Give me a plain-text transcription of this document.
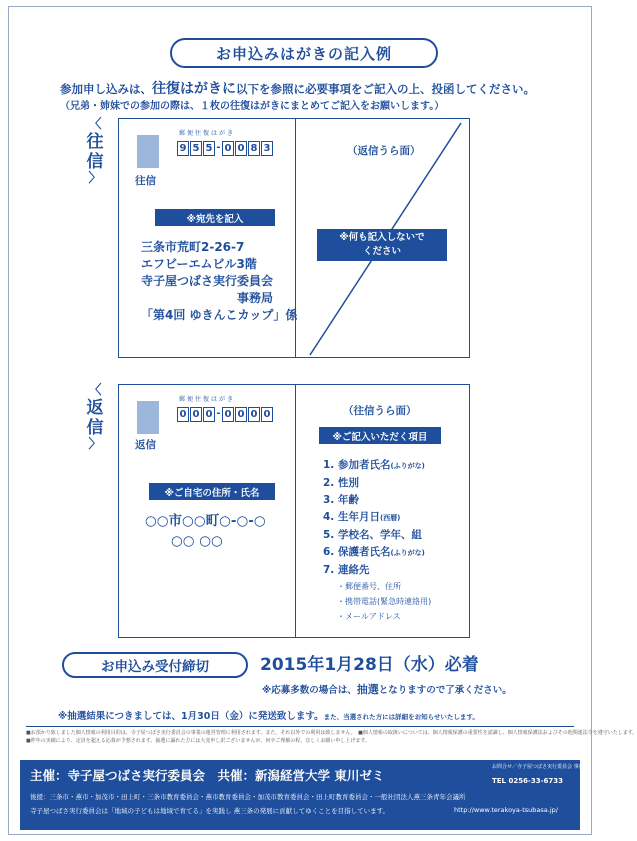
お申込みはがきの記入例
参加申し込みは、往復はがきに以下を参照に必要事項をご記入の上、投函してください。
（兄弟・姉妹での参加の際は、１枚の往復はがきにまとめてご記入をお願いします。）
〈
往
信
〉
郵便往復はがき
9 5 5 - 0 0 8 3
往信
※宛先を記入
三条市荒町2-26-7
エフビーエムビル3階
寺子屋つばさ実行委員会
事務局
「第4回 ゆきんこカップ」係
（返信うら面）
※何も記入しないで
ください
〈
返
信
〉
郵便往復はがき
0 0 0 - 0 0 0 0
返信
※ご自宅の住所・氏名
○○市○○町○-○-○
○○ ○○
（往信うら面）
※ご記入いただく項目
1. 参加者氏名(ふりがな)
2. 性別
3. 年齢
4. 生年月日(西暦)
5. 学校名、学年、組
6. 保護者氏名(ふりがな)
7. 連絡先
・郵便番号、住所
・携帯電話(緊急時連絡用)
・メールアドレス
お申込み受付締切	2015年1月28日（水）必着
※応募多数の場合は、抽選となりますので了承ください。
※抽選結果につきましては、1月30日（金）に発送致します。また、当選された方には詳細をお知らせいたします。
■お預かり致しました個人情報の利用目的は、寺子屋つばさ実行委員会の事業の運営管理に利用されます。また、それ以外での利用は致しません。　■個人情報の取扱いについては、個人情報保護の重要性を認識し、個人情報保護法およびその他関連法令を遵守いたします。
■昨年の実績により、定員を超える応募が予想されます。抽選に漏れた方には大変申し訳ございませんが、何卒ご理解の程、宜しくお願い申し上げます。
主催：寺子屋つばさ実行委員会　共催：新潟経営大学 東川ゼミ
お問合せ／寺子屋つばさ実行委員会 事務局
TEL 0256-33-6733
後援：三条市・燕市・加茂市・田上町・三条市教育委員会・燕市教育委員会・加茂市教育委員会・田上町教育委員会・一般社団法人燕三条青年会議所
寺子屋つばさ実行委員会は「地域の子どもは地域で育てる」を実践し 燕三条の発展に貢献してゆくことを目指しています。	http://www.terakoya-tsubasa.jp/
